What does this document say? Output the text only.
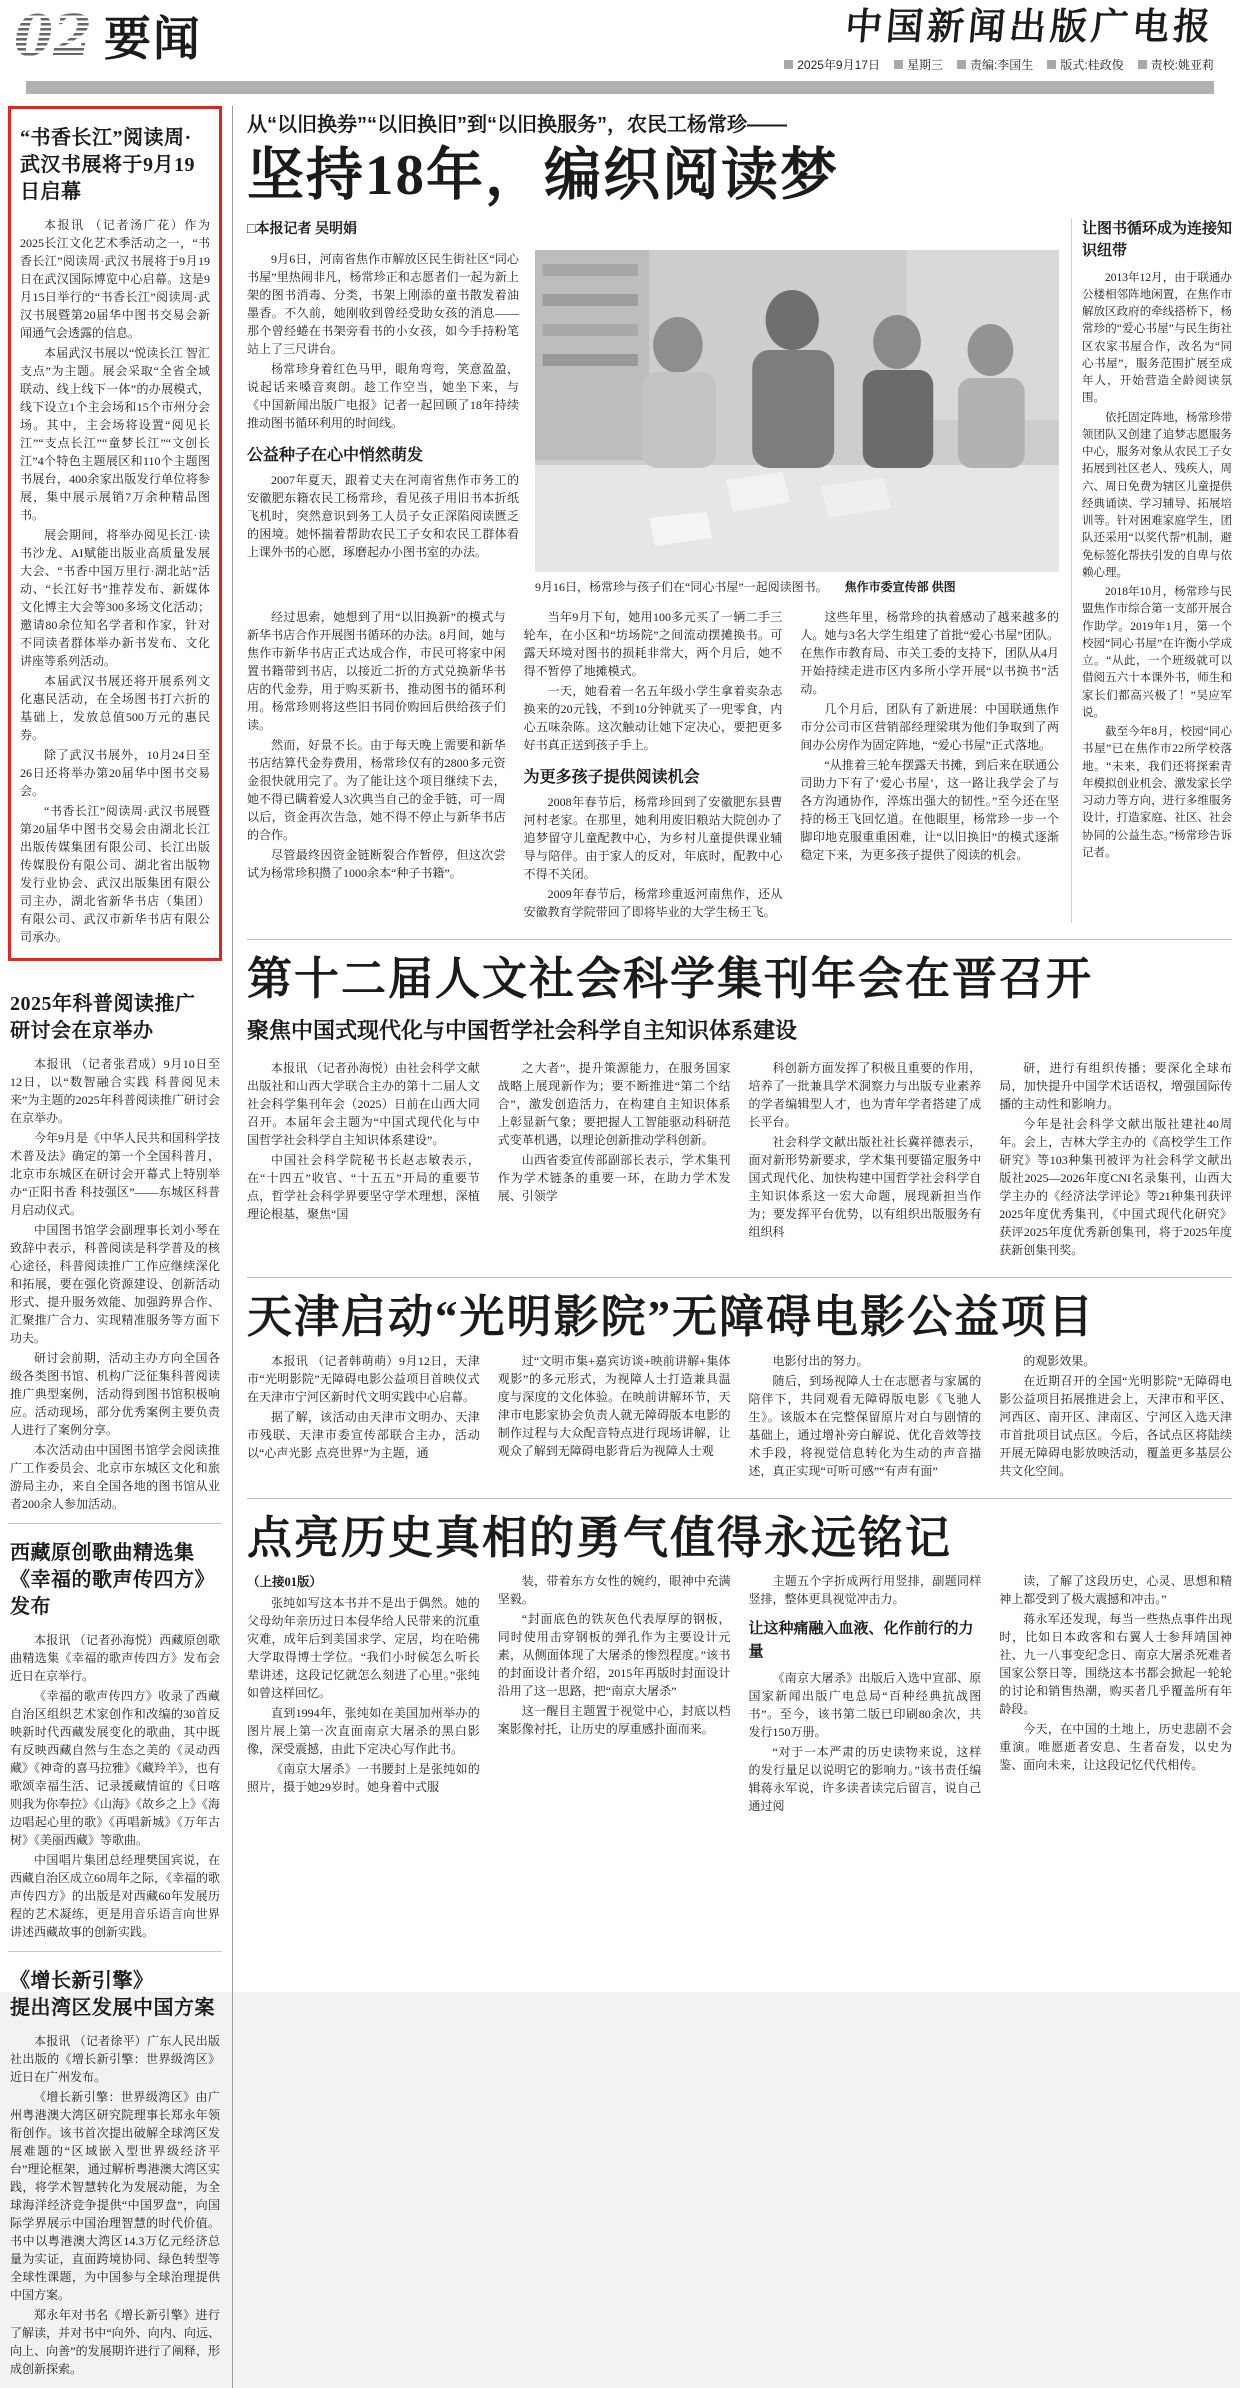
02 要闻	中国新闻出版广电报
2025年9月17日 星期三 责编:李国生 版式:桂政俊 责校:姚亚莉
“书香长江”阅读周·
武汉书展将于9月19日启幕

本报讯 （记者汤广花）作为2025长江文化艺术季活动之一，“书香长江”阅读周·武汉书展将于9月19日在武汉国际博览中心启幕。这是9月15日举行的“书香长江”阅读周·武汉书展暨第20届华中图书交易会新闻通气会透露的信息。

本届武汉书展以“悦读长江 智汇支点”为主题。展会采取“全省全域联动、线上线下一体”的办展模式，线下设立1个主会场和15个市州分会场。其中，主会场将设置“阅见长江”“支点长江”“童梦长江”“文创长江”4个特色主题展区和110个主题图书展台，400余家出版发行单位将参展，集中展示展销7万余种精品图书。

展会期间，将举办阅见长江·读书沙龙、AI赋能出版业高质量发展大会、“书香中国万里行·湖北站”活动、“长江好书”推荐发布、新媒体文化博主大会等300多场文化活动；邀请80余位知名学者和作家，针对不同读者群体举办新书发布、文化讲座等系列活动。

本届武汉书展还将开展系列文化惠民活动，在全场图书打六折的基础上，发放总值500万元的惠民券。

除了武汉书展外，10月24日至26日还将举办第20届华中图书交易会。

“书香长江”阅读周·武汉书展暨第20届华中图书交易会由湖北长江出版传媒集团有限公司、长江出版传媒股份有限公司、湖北省出版物发行业协会、武汉出版集团有限公司主办，湖北省新华书店（集团）有限公司、武汉市新华书店有限公司承办。

2025年科普阅读推广
研讨会在京举办

本报讯 （记者张君成）9月10日至12日，以“数智融合实践 科普阅见未来”为主题的2025年科普阅读推广研讨会在京举办。

今年9月是《中华人民共和国科学技术普及法》确定的第一个全国科普月，北京市东城区在研讨会开幕式上特别举办“正阳书香 科技强区”——东城区科普月启动仪式。

中国图书馆学会副理事长刘小琴在致辞中表示，科普阅读是科学普及的核心途径，科普阅读推广工作应继续深化和拓展，要在强化资源建设、创新活动形式、提升服务效能、加强跨界合作、汇聚推广合力、实现精准服务等方面下功夫。

研讨会前期，活动主办方向全国各级各类图书馆、机构广泛征集科普阅读推广典型案例，活动得到图书馆积极响应。活动现场，部分优秀案例主要负责人进行了案例分享。

本次活动由中国图书馆学会阅读推广工作委员会、北京市东城区文化和旅游局主办，来自全国各地的图书馆从业者200余人参加活动。

西藏原创歌曲精选集
《幸福的歌声传四方》发布

本报讯 （记者孙海悦）西藏原创歌曲精选集《幸福的歌声传四方》发布会近日在京举行。

《幸福的歌声传四方》收录了西藏自治区组织艺术家创作和改编的30首反映新时代西藏发展变化的歌曲，其中既有反映西藏自然与生态之美的《灵动西藏》《神奇的喜马拉雅》《藏羚羊》，也有歌颂幸福生活、记录援藏情谊的《日喀则我为你奉拉》《山海》《故乡之上》《海边唱起心里的歌》《再唱新城》《万年古树》《美丽西藏》等歌曲。

中国唱片集团总经理樊国宾说，在西藏自治区成立60周年之际，《幸福的歌声传四方》的出版是对西藏60年发展历程的艺术凝练，更是用音乐语言向世界讲述西藏故事的创新实践。

《增长新引擎》
提出湾区发展中国方案

本报讯 （记者徐平）广东人民出版社出版的《增长新引擎：世界级湾区》近日在广州发布。

《增长新引擎：世界级湾区》由广州粤港澳大湾区研究院理事长郑永年领衔创作。该书首次提出破解全球湾区发展难题的“区域嵌入型世界级经济平台”理论框架，通过解析粤港澳大湾区实践，将学术智慧转化为发展动能，为全球海洋经济竞争提供“中国罗盘”，向国际学界展示中国治理智慧的时代价值。书中以粤港澳大湾区14.3万亿元经济总量为实证，直面跨境协同、绿色转型等全球性课题，为中国参与全球治理提供中国方案。

郑永年对书名《增长新引擎》进行了解读，并对书中“向外、向内、向远、向上、向善”的发展期许进行了阐释，形成创新探索。

从“以旧换券”“以旧换旧”到“以旧换服务”，农民工杨常珍——
坚持18年，编织阅读梦
□本报记者 吴明娟

9月6日，河南省焦作市解放区民生街社区“同心书屋”里热闹非凡，杨常珍正和志愿者们一起为新上架的图书消毒、分类，书架上刚添的童书散发着油墨香。不久前，她刚收到曾经受助女孩的消息——那个曾经蜷在书架旁看书的小女孩，如今手持粉笔站上了三尺讲台。

杨常珍身着红色马甲，眼角弯弯，笑意盈盈，说起话来嗓音爽朗。趁工作空当，她坐下来，与《中国新闻出版广电报》记者一起回顾了18年持续推动图书循环利用的时间线。

公益种子在心中悄然萌发

2007年夏天，跟着丈夫在河南省焦作市务工的安徽肥东籍农民工杨常珍，看见孩子用旧书本折纸飞机时，突然意识到务工人员子女正深陷阅读匮乏的困境。她怀揣着帮助农民工子女和农民工群体看上课外书的心愿，琢磨起办小图书室的办法。

9月16日，杨常珍与孩子们在“同心书屋”一起阅读图书。 焦作市委宣传部 供图

经过思索，她想到了用“以旧换新”的模式与新华书店合作开展图书循环的办法。8月间，她与焦作市新华书店正式达成合作，市民可将家中闲置书籍带到书店，以接近二折的方式兑换新华书店的代金券，用于购买新书，推动图书的循环利用。杨常珍则将这些旧书同价购回后供给孩子们读。

然而，好景不长。由于每天晚上需要和新华书店结算代金券费用，杨常珍仅有的2800多元资金很快就用完了。为了能让这个项目继续下去，她不得已瞒着爱人3次典当自己的金手链，可一周以后，资金再次告急，她不得不停止与新华书店的合作。

尽管最终因资金链断裂合作暂停，但这次尝试为杨常珍积攒了1000余本“种子书籍”。

当年9月下旬，她用100多元买了一辆二手三轮车，在小区和“坊场院”之间流动摆摊换书。可露天环境对图书的损耗非常大，两个月后，她不得不暂停了地摊模式。

一天，她看着一名五年级小学生拿着卖杂志换来的20元钱，不到10分钟就买了一兜零食，内心五味杂陈。这次触动让她下定决心，要把更多好书真正送到孩子手上。

为更多孩子提供阅读机会

2008年春节后，杨常珍回到了安徽肥东县曹河村老家。在那里，她利用废旧粮站大院创办了追梦留守儿童配教中心，为乡村儿童提供课业辅导与陪伴。由于家人的反对，年底时，配教中心不得不关闭。

2009年春节后，杨常珍重返河南焦作，还从安徽教育学院带回了即将毕业的大学生杨王飞。

这些年里，杨常珍的执着感动了越来越多的人。她与3名大学生组建了首批“爱心书屋”团队。在焦作市教育局、市关工委的支持下，团队从4月开始持续走进市区内多所小学开展“以书换书”活动。

几个月后，团队有了新进展：中国联通焦作市分公司市区营销部经理梁琪为他们争取到了两间办公房作为固定阵地，“爱心书屋”正式落地。

“从推着三轮车摆露天书摊，到后来在联通公司助力下有了‘爱心书屋’，这一路让我学会了与各方沟通协作，淬炼出强大的韧性。”至今还在坚持的杨王飞回忆道。在他眼里，杨常珍一步一个脚印地克服重重困难，让“以旧换旧”的模式逐渐稳定下来，为更多孩子提供了阅读的机会。

让图书循环成为连接知识纽带

2013年12月，由于联通办公楼相邻阵地闲置，在焦作市解放区政府的牵线搭桥下，杨常珍的“爱心书屋”与民生街社区农家书屋合作，改名为“同心书屋”，服务范围扩展至成年人，开始营造全龄阅读氛围。

依托固定阵地，杨常珍带领团队又创建了追梦志愿服务中心，服务对象从农民工子女拓展到社区老人、残疾人，周六、周日免费为辖区儿童提供经典诵读、学习辅导、拓展培训等。针对困难家庭学生，团队还采用“以奖代帮”机制，避免标签化帮扶引发的自卑与依赖心理。

2018年10月，杨常珍与民盟焦作市综合第一支部开展合作助学。2019年1月，第一个校园“同心书屋”在许衡小学成立。“从此，一个班级就可以借阅五六十本课外书，师生和家长们都高兴极了！”吴应军说。

截至今年8月，校园“同心书屋”已在焦作市22所学校落地。“未来，我们还将探索青年模拟创业机会、激发家长学习动力等方向，进行多维服务设计，打造家庭、社区、社会协同的公益生态。”杨常珍告诉记者。

第十二届人文社会科学集刊年会在晋召开
聚焦中国式现代化与中国哲学社会科学自主知识体系建设

本报讯 （记者孙海悦）由社会科学文献出版社和山西大学联合主办的第十二届人文社会科学集刊年会（2025）日前在山西大同召开。本届年会主题为“中国式现代化与中国哲学社会科学自主知识体系建设”。

中国社会科学院秘书长赵志敏表示，在“十四五”收官、“十五五”开局的重要节点，哲学社会科学界要坚守学术理想，深植理论根基，聚焦“国

之大者”，提升策源能力，在服务国家战略上展现新作为；要不断推进“第二个结合”，激发创造活力，在构建自主知识体系上彰显新气象；要把握人工智能驱动科研范式变革机遇，以理论创新推动学科创新。

山西省委宣传部副部长表示，学术集刊作为学术链条的重要一环，在助力学术发展、引领学

科创新方面发挥了积极且重要的作用，培养了一批兼具学术洞察力与出版专业素养的学者编辑型人才，也为青年学者搭建了成长平台。

社会科学文献出版社社长冀祥德表示，面对新形势新要求，学术集刊要锚定服务中国式现代化、加快构建中国哲学社会科学自主知识体系这一宏大命题，展现新担当作为；要发挥平台优势，以有组织出版服务有组织科

研，进行有组织传播；要深化全球布局，加快提升中国学术话语权，增强国际传播的主动性和影响力。

今年是社会科学文献出版社建社40周年。会上，吉林大学主办的《高校学生工作研究》等103种集刊被评为社会科学文献出版社2025—2026年度CNI名录集刊，山西大学主办的《经济法学评论》等21种集刊获评2025年度优秀集刊，《中国式现代化研究》获评2025年度优秀新创集刊，将于2025年度获新创集刊奖。

天津启动“光明影院”无障碍电影公益项目

本报讯 （记者韩萌萌）9月12日，天津市“光明影院”无障碍电影公益项目首映仪式在天津市宁河区新时代文明实践中心启幕。

据了解，该活动由天津市文明办、天津市残联、天津市委宣传部联合主办，活动以“心声光影 点亮世界”为主题，通

过“文明市集+嘉宾访谈+映前讲解+集体观影”的多元形式，为视障人士打造兼具温度与深度的文化体验。在映前讲解环节，天津市电影家协会负责人就无障碍版本电影的制作过程与大众配音特点进行现场讲解，让观众了解到无障碍电影背后为视障人士观

电影付出的努力。

随后，到场视障人士在志愿者与家属的陪伴下，共同观看无障碍版电影《飞驰人生》。该版本在完整保留原片对白与剧情的基础上，通过增补旁白解说、优化音效等技术手段，将视觉信息转化为生动的声音描述，真正实现“可听可感”“有声有面”

的观影效果。

在近期召开的全国“光明影院”无障碍电影公益项目拓展推进会上，天津市和平区、河西区、南开区、津南区、宁河区入选天津市首批项目试点区。今后，各试点区将陆续开展无障碍电影放映活动，覆盖更多基层公共文化空间。

点亮历史真相的勇气值得永远铭记
（上接01版）

张纯如写这本书并不是出于偶然。她的父母幼年亲历过日本侵华给人民带来的沉重灾难，成年后到美国求学、定居，均在哈佛大学取得博士学位。“我们小时候怎么听长辈讲述，这段记忆就怎么刻进了心里。”张纯如曾这样回忆。

直到1994年，张纯如在美国加州举办的图片展上第一次直面南京大屠杀的黑白影像，深受震撼，由此下定决心写作此书。

《南京大屠杀》一书腰封上是张纯如的照片，摄于她29岁时。她身着中式服

装，带着东方女性的婉约，眼神中充满坚毅。

“封面底色的铁灰色代表厚厚的钢板，同时使用击穿钢板的弹孔作为主要设计元素，从侧面体现了大屠杀的惨烈程度。”该书的封面设计者介绍，2015年再版时封面设计沿用了这一思路，把“南京大屠杀”

这一醒目主题置于视觉中心，封底以档案影像衬托，让历史的厚重感扑面而来。

主题五个字折成两行用竖排，副题同样竖排，整体更具视觉冲击力。
让这种痛融入血液、化作前行的力量
《南京大屠杀》出版后入选中宣部、原国家新闻出版广电总局“百种经典抗战图书”。至今，该书第二版已印刷80余次，共发行150万册。
“对于一本严肃的历史读物来说，这样的发行量足以说明它的影响力。”该书责任编辑蒋永军说，许多读者读完后留言，说自己通过阅

读，了解了这段历史，心灵、思想和精神上都受到了极大震撼和冲击。”

蒋永军还发现，每当一些热点事件出现时，比如日本政客和右翼人士参拜靖国神社、九一八事变纪念日、南京大屠杀死难者国家公祭日等，围绕这本书都会掀起一轮轮的讨论和销售热潮，购买者几乎覆盖所有年龄段。

今天，在中国的土地上，历史悲剧不会重演。唯愿逝者安息、生者奋发，以史为鉴、面向未来，让这段记忆代代相传。
